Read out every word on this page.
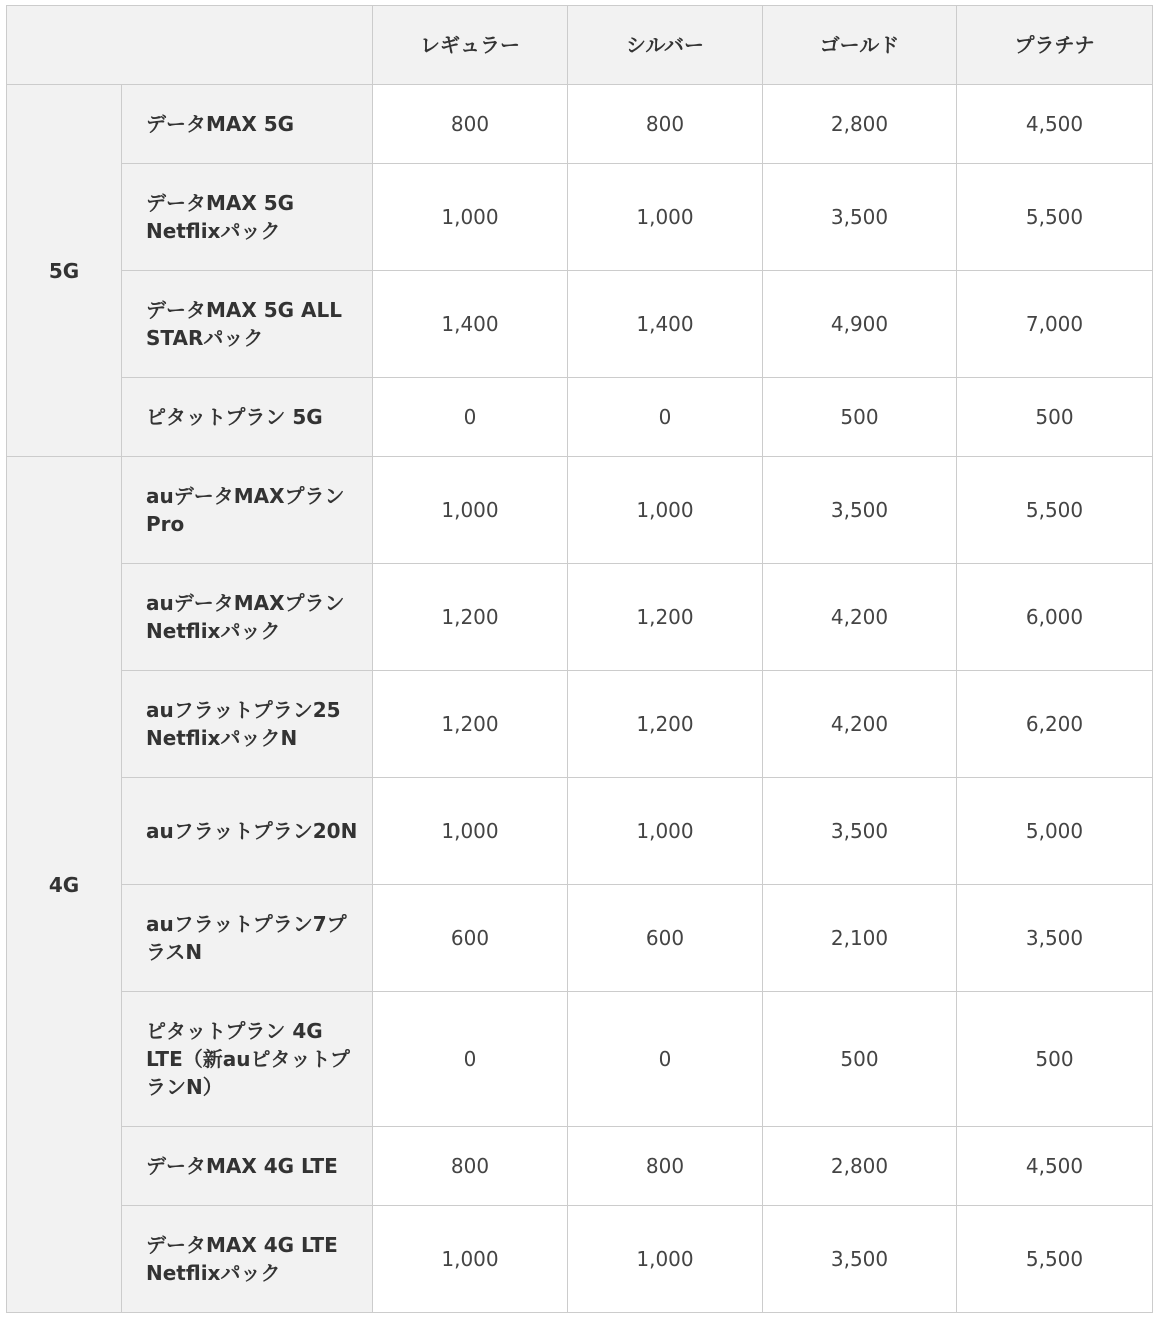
		レギュラー	シルバー	ゴールド	プラチナ
5G	データMAX 5G	800	800	2,800	4,500
	データMAX 5G Netflixパック	1,000	1,000	3,500	5,500
	データMAX 5G ALL STARパック	1,400	1,400	4,900	7,000
	ピタットプラン 5G	0	0	500	500
4G	auデータMAXプラン Pro	1,000	1,000	3,500	5,500
	auデータMAXプラン Netflixパック	1,200	1,200	4,200	6,000
	auフラットプラン25 NetflixパックN	1,200	1,200	4,200	6,200
	auフラットプラン20N	1,000	1,000	3,500	5,000
	auフラットプラン7プラスN	600	600	2,100	3,500
	ピタットプラン 4G LTE（新auピタットプランN）	0	0	500	500
	データMAX 4G LTE	800	800	2,800	4,500
	データMAX 4G LTE Netflixパック	1,000	1,000	3,500	5,500
